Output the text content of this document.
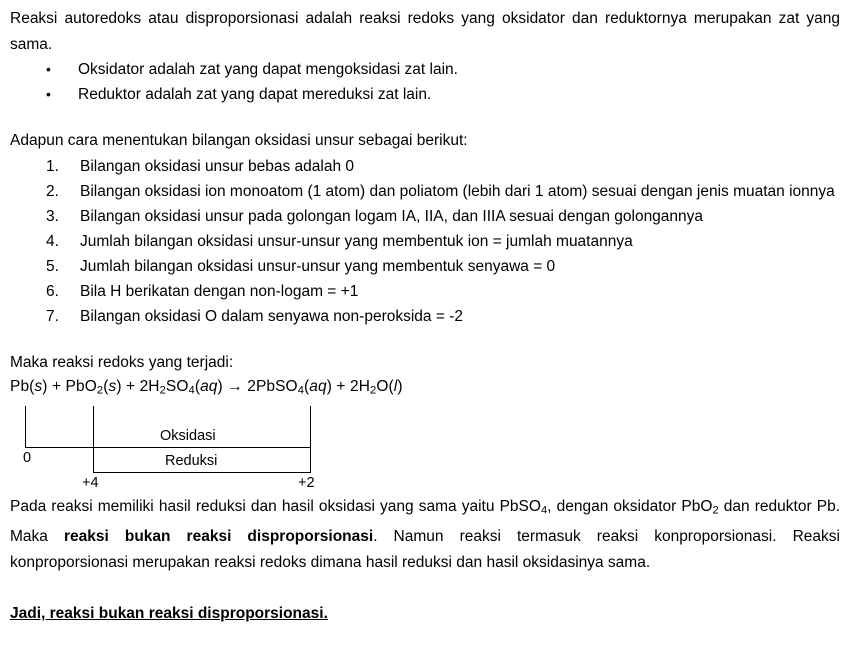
Reaksi autoredoks atau disproporsionasi adalah reaksi redoks yang oksidator dan reduktornya merupakan zat yang sama.

• Oksidator adalah zat yang dapat mengoksidasi zat lain.
• Reduktor adalah zat yang dapat mereduksi zat lain.

Adapun cara menentukan bilangan oksidasi unsur sebagai berikut:

1. Bilangan oksidasi unsur bebas adalah 0
2. Bilangan oksidasi ion monoatom (1 atom) dan poliatom (lebih dari 1 atom) sesuai dengan jenis muatan ionnya
3. Bilangan oksidasi unsur pada golongan logam IA, IIA, dan IIIA sesuai dengan golongannya
4. Jumlah bilangan oksidasi unsur-unsur yang membentuk ion = jumlah muatannya
5. Jumlah bilangan oksidasi unsur-unsur yang membentuk senyawa = 0
6. Bila H berikatan dengan non-logam = +1
7. Bilangan oksidasi O dalam senyawa non-peroksida = -2

Maka reaksi redoks yang terjadi:

$Pb(s) + PbO_2(s) + 2H_2SO_4(aq)$ → 2PbSO$_4$(aq) + $2H_2O(l)$

Oksidasi
Reduksi
0
+4	+2

Pada reaksi memiliki hasil reduksi dan hasil oksidasi yang sama yaitu PbSO$_4$, dengan oksidator PbO$_2$ dan reduktor Pb. Maka reaksi bukan reaksi disproporsionasi. Namun reaksi termasuk reaksi konproporsionasi. Reaksi konproporsionasi merupakan reaksi redoks dimana hasil reduksi dan hasil oksidasinya sama.

Jadi, reaksi bukan reaksi disproporsionasi.
